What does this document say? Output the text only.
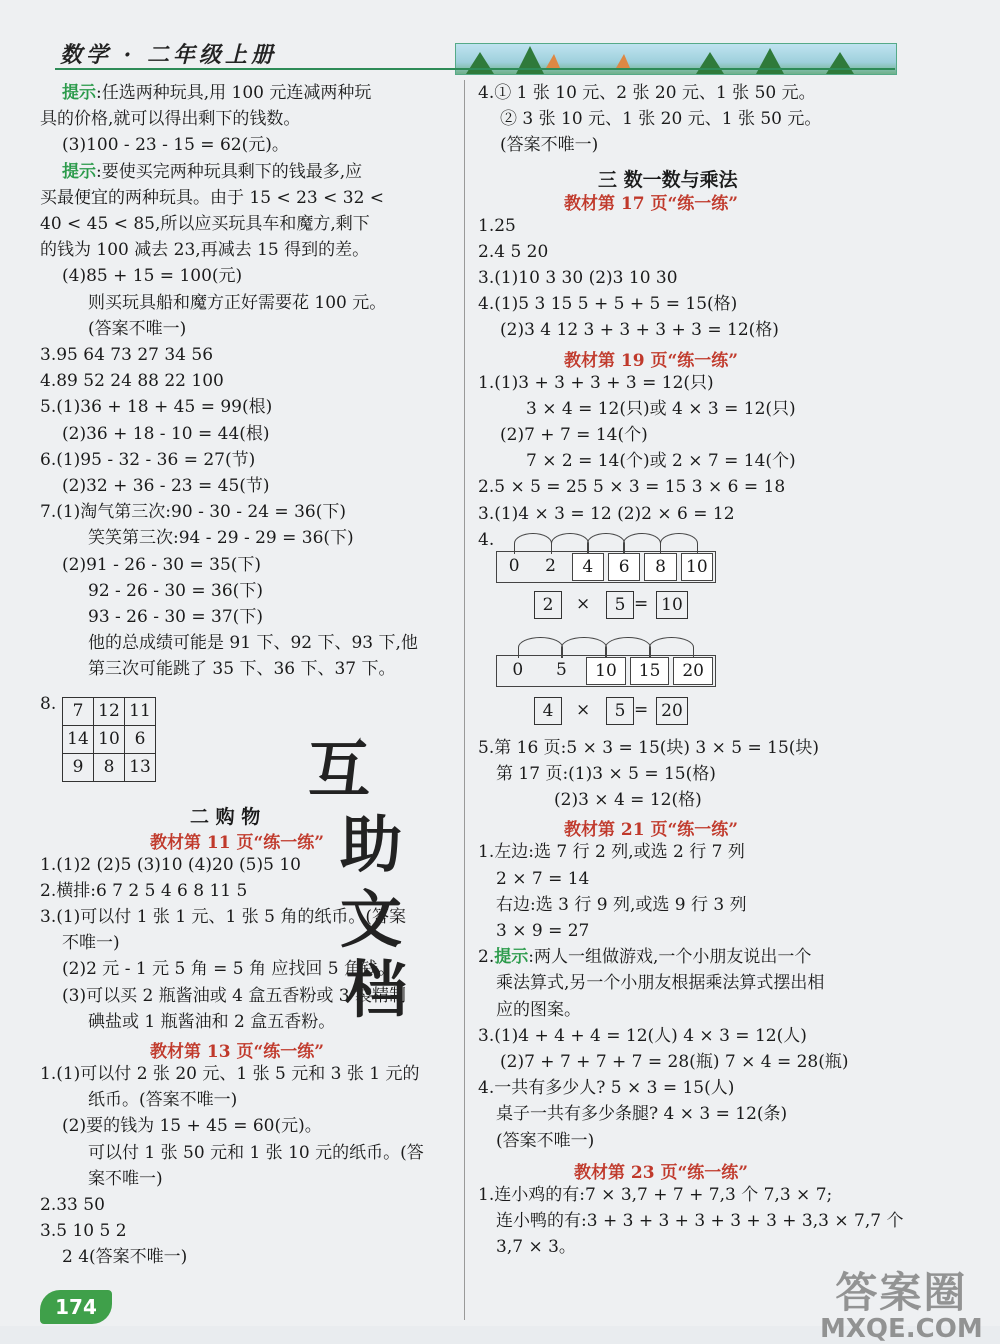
数学 · 二年级上册
提示:任选两种玩具,用 100 元连减两种玩
具的价格,就可以得出剩下的钱数。
(3)100 - 23 - 15 = 62(元)。
提示:要使买完两种玩具剩下的钱最多,应
买最便宜的两种玩具。由于 15 < 23 < 32 <
40 < 45 < 85,所以应买玩具车和魔方,剩下
的钱为 100 减去 23,再减去 15 得到的差。
(4)85 + 15 = 100(元)
则买玩具船和魔方正好需要花 100 元。
(答案不唯一)
3.95 64 73 27 34 56
4.89 52 24 88 22 100
5.(1)36 + 18 + 45 = 99(根)
(2)36 + 18 - 10 = 44(根)
6.(1)95 - 32 - 36 = 27(节)
(2)32 + 36 - 23 = 45(节)
7.(1)淘气第三次:90 - 30 - 24 = 36(下)
笑笑第三次:94 - 29 - 29 = 36(下)
(2)91 - 26 - 30 = 35(下)
92 - 26 - 30 = 36(下)
93 - 26 - 30 = 37(下)
他的总成绩可能是 91 下、92 下、93 下,他
第三次可能跳了 35 下、36 下、37 下。
8. 7	12	11
14	10	6
9	8	13
二 购 物
教材第 11 页“练一练”
1.(1)2 (2)5 (3)10 (4)20 (5)5 10
2.横排:6 7 2 5 4 6 8 11 5
3.(1)可以付 1 张 1 元、1 张 5 角的纸币。(答案
不唯一)
(2)2 元 - 1 元 5 角 = 5 角 应找回 5 角钱。
(3)可以买 2 瓶酱油或 4 盒五香粉或 3 袋精制
碘盐或 1 瓶酱油和 2 盒五香粉。
教材第 13 页“练一练”
1.(1)可以付 2 张 20 元、1 张 5 元和 3 张 1 元的
纸币。(答案不唯一)
(2)要的钱为 15 + 45 = 60(元)。
可以付 1 张 50 元和 1 张 10 元的纸币。(答
案不唯一)
2.33 50
3.5 10 5 2
2 4(答案不唯一)
互
助
文
档
4.① 1 张 10 元、2 张 20 元、1 张 50 元。
② 3 张 10 元、1 张 20 元、1 张 50 元。
(答案不唯一)
三 数一数与乘法
教材第 17 页“练一练”
1.25
2.4 5 20
3.(1)10 3 30 (2)3 10 30
4.(1)5 3 15 5 + 5 + 5 = 15(格)
(2)3 4 12 3 + 3 + 3 + 3 = 12(格)
教材第 19 页“练一练”
1.(1)3 + 3 + 3 + 3 = 12(只)
3 × 4 = 12(只)或 4 × 3 = 12(只)
(2)7 + 7 = 14(个)
7 × 2 = 14(个)或 2 × 7 = 14(个)
2.5 × 5 = 25 5 × 3 = 15 3 × 6 = 18
3.(1)4 × 3 = 12 (2)2 × 6 = 12
4.
0	2	4	6	8	10
2	×	5 = 10
0	5	10	15	20
4	×	5 = 20
5.第 16 页:5 × 3 = 15(块) 3 × 5 = 15(块)
第 17 页:(1)3 × 5 = 15(格)
(2)3 × 4 = 12(格)
教材第 21 页“练一练”
1.左边:选 7 行 2 列,或选 2 行 7 列
2 × 7 = 14
右边:选 3 行 9 列,或选 9 行 3 列
3 × 9 = 27
2.提示:两人一组做游戏,一个小朋友说出一个
乘法算式,另一个小朋友根据乘法算式摆出相
应的图案。
3.(1)4 + 4 + 4 = 12(人) 4 × 3 = 12(人)
(2)7 + 7 + 7 + 7 = 28(瓶) 7 × 4 = 28(瓶)
4.一共有多少人? 5 × 3 = 15(人)
桌子一共有多少条腿? 4 × 3 = 12(条)
(答案不唯一)
教材第 23 页“练一练”
1.连小鸡的有:7 × 3,7 + 7 + 7,3 个 7,3 × 7;
连小鸭的有:3 + 3 + 3 + 3 + 3 + 3 + 3,3 × 7,7 个
3,7 × 3。
174	答案圈
MXQE.COM
